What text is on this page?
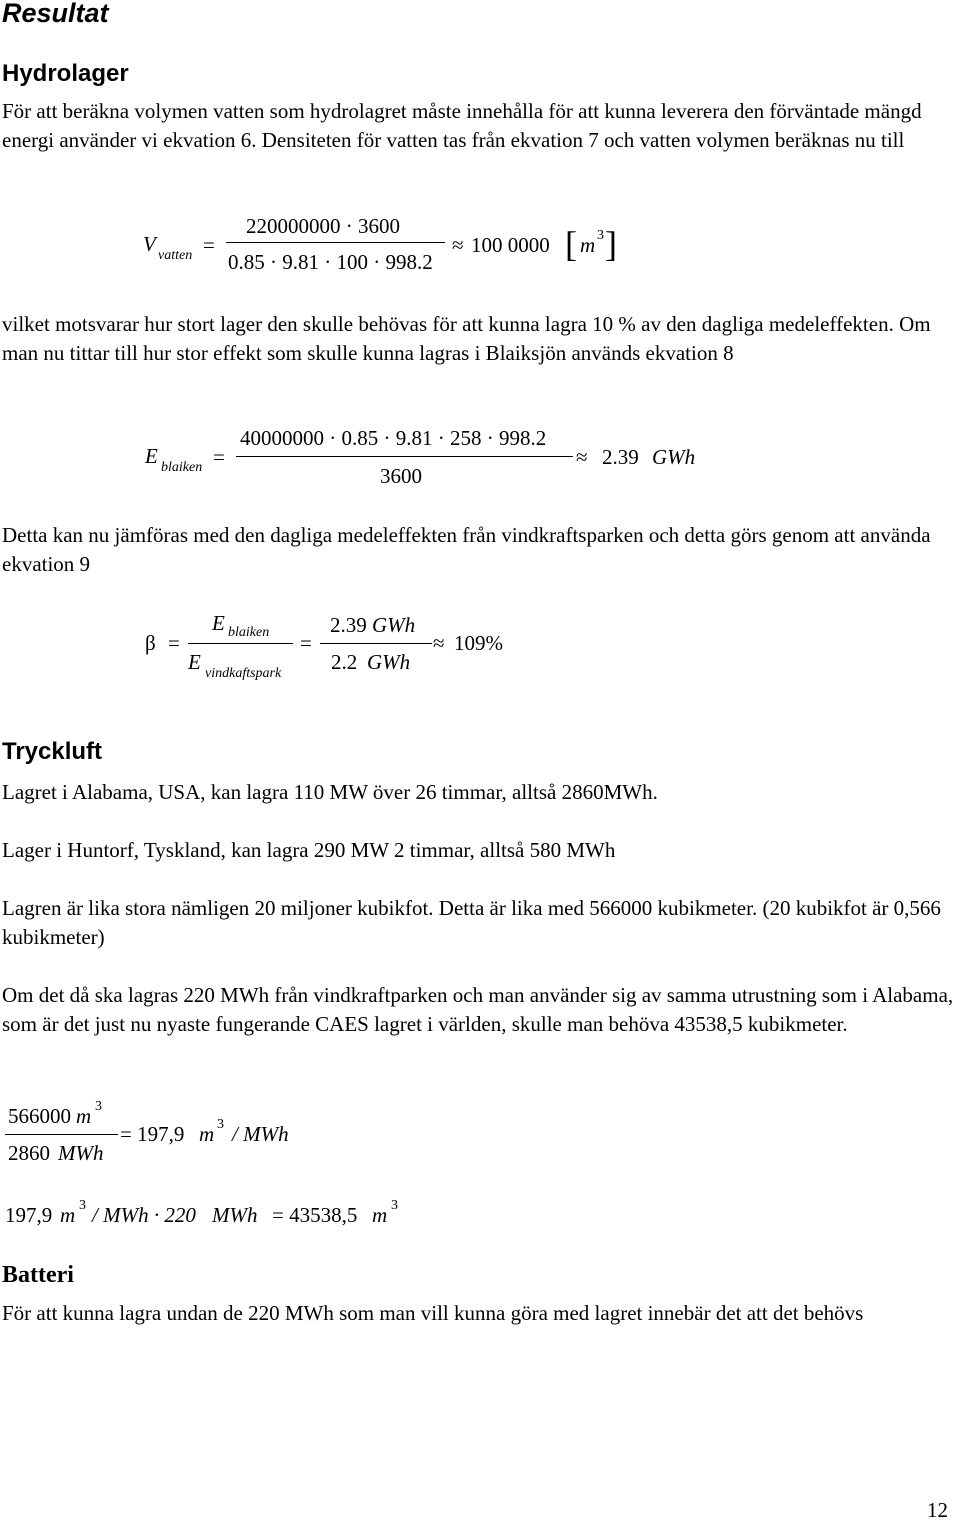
Resultat
Hydrolager
För att beräkna volymen vatten som hydrolagret måste innehålla för att kunna leverera den förväntade mängd energi använder vi ekvation 6. Densiteten för vatten tas från ekvation 7 och vatten volymen beräknas nu till
V vatten =
220000000 · 3600
0.85 · 9.81 · 100 · 998.2
≈ 100 0000 [ m 3 ]
vilket motsvarar hur stort lager den skulle behövas för att kunna lagra 10 % av den dagliga medeleffekten. Om man nu tittar till hur stor effekt som skulle kunna lagras i Blaiksjön används ekvation 8
E blaiken =
40000000 · 0.85 · 9.81 · 258 · 998.2
3600
≈ 2.39 GWh
Detta kan nu jämföras med den dagliga medeleffekten från vindkraftsparken och detta görs genom att använda ekvation 9
β =
E blaiken
E vindkaftspark
=
2.39 GWh
2.2 GWh
≈ 109%
Tryckluft
Lagret i Alabama, USA, kan lagra 110 MW över 26 timmar, alltså 2860MWh.
Lager i Huntorf, Tyskland, kan lagra 290 MW 2 timmar, alltså 580 MWh
Lagren är lika stora nämligen 20 miljoner kubikfot. Detta är lika med 566000 kubikmeter. (20 kubikfot är 0,566 kubikmeter)
Om det då ska lagras 220 MWh från vindkraftparken och man använder sig av samma utrustning som i Alabama, som är det just nu nyaste fungerande CAES lagret i världen, skulle man behöva 43538,5 kubikmeter.
566000 m 3
2860 MWh
= 197,9 m 3 / MWh
197,9 m 3 / MWh · 220 MWh = 43538,5 m 3
Batteri
För att kunna lagra undan de 220 MWh som man vill kunna göra med lagret innebär det att det behövs
12
